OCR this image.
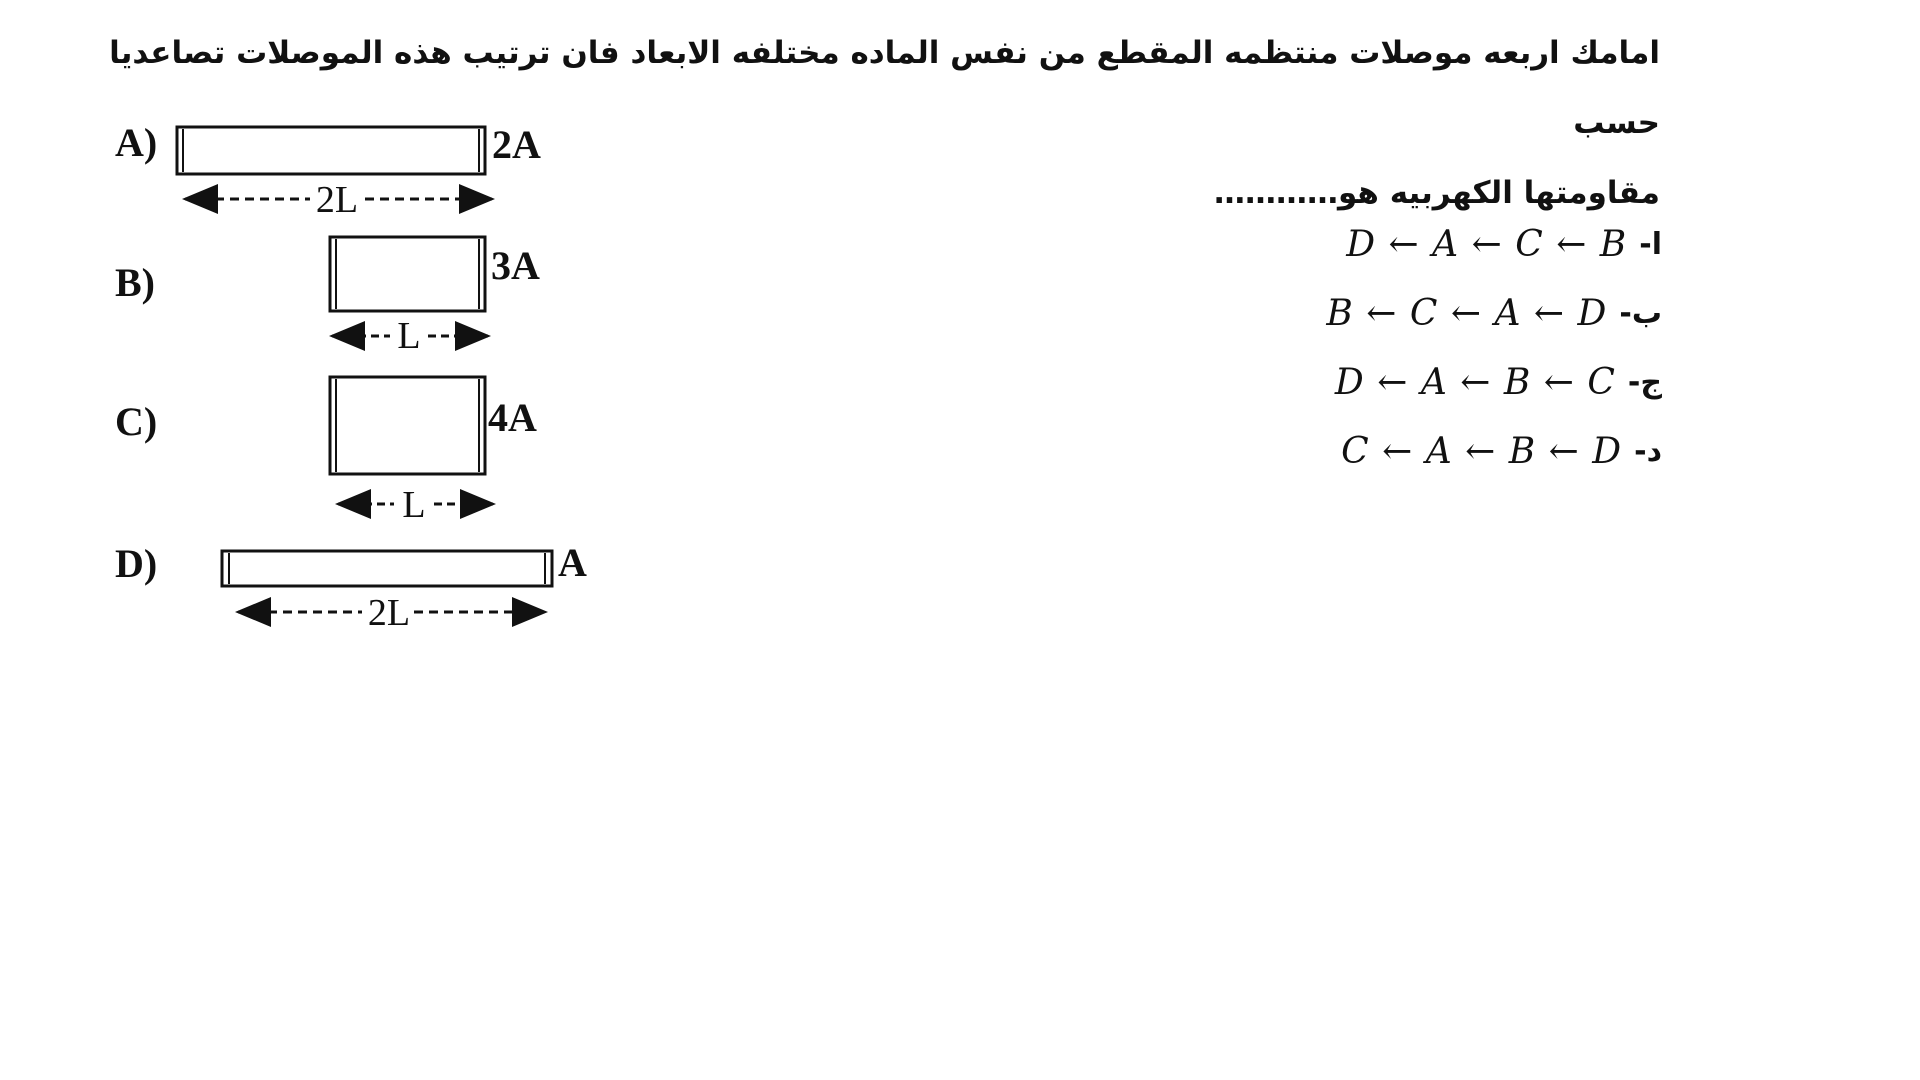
امامك اربعه موصلات منتظمه المقطع من نفس الماده مختلفه الابعاد فان ترتيب هذه الموصلات تصاعديا حسب
مقاومتها الكهربيه هو…………
ا-
D ← A ← C ← B
ب-
B ← C ← A ← D
ج-
D ← A ← B ← C
د-
C ← A ← B ← D
A)	2A
2L
B)	3A
L
C)	4A
L
D)	A
2L
